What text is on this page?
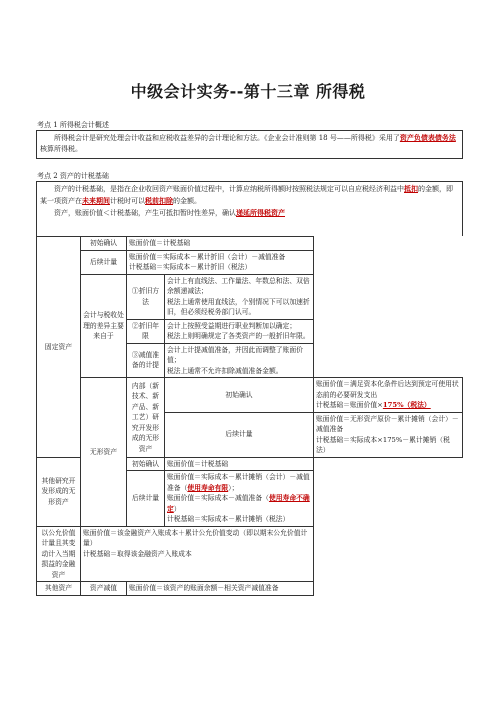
中级会计实务--第十三章 所得税
考点 1 所得税会计概述
所得税会计是研究处理会计收益和应税收益差异的会计理论和方法。《企业会计准则第 18 号——所得税》采用了资产负债表债务法核算所得税。
考点 2 资产的计税基础
资产的计税基础，是指在企业收回资产账面价值过程中，计算应纳税所得额时按照税法规定可以自应税经济利益中抵扣的金额，即某一项资产在未来期间计税时可以税前扣除的金额。
资产，账面价值＜计税基础，产生可抵扣暂时性差异，确认递延所得税资产
固定资产	初始确认	账面价值＝计税基础		
	后续计量	账面价值＝实际成本－累计折旧（会计）－减值准备
计税基础＝实际成本－累计折旧（税法）		

	会计与税收处理的差异主要来自于	①折旧方法	会计上有直线法、工作量法、年数总和法、双倍余额递减法；
税法上通常使用直线法，个别情况下可以加速折旧，但必须经税务部门认可。	

		②折旧年限	会计上按照受益期进行职业判断加以确定；
税法上则明确规定了各类资产的一般折旧年限。	

		③减值准备的计提	会计上计提减值准备，并因此而调整了账面价值；
税法上通常不允许扣除减值准备金额。	

	无形资产	内部（新技术、新产品、新工艺）研究开发形成的无形资产	初始确认	账面价值＝满足资本化条件后达到预定可使用状态前的必要研发支出
计税基础＝账面价值×175%（税法）

			后续计量	账面价值＝无形资产原价－累计摊销（会计）－减值准备
计税基础＝实际成本×175%－累计摊销（税法）

其他研究开发形成的无形资产		初始确认	账面价值＝计税基础	
		后续计量	账面价值＝实际成本－累计摊销（会计）－减值准备（使用寿命有限）；
账面价值＝实际成本－减值准备（使用寿命不确定）
计税基础＝实际成本－累计摊销（税法）	

以公允价值计量且其变动计入当期损益的金融资产	账面价值＝该金融资产入账成本＋累计公允价值变动（即以期末公允价值计量）
计税基础＝取得该金融资产入账成本			

其他资产	资产减值	账面价值＝该资产的账面余额－相关资产减值准备		
